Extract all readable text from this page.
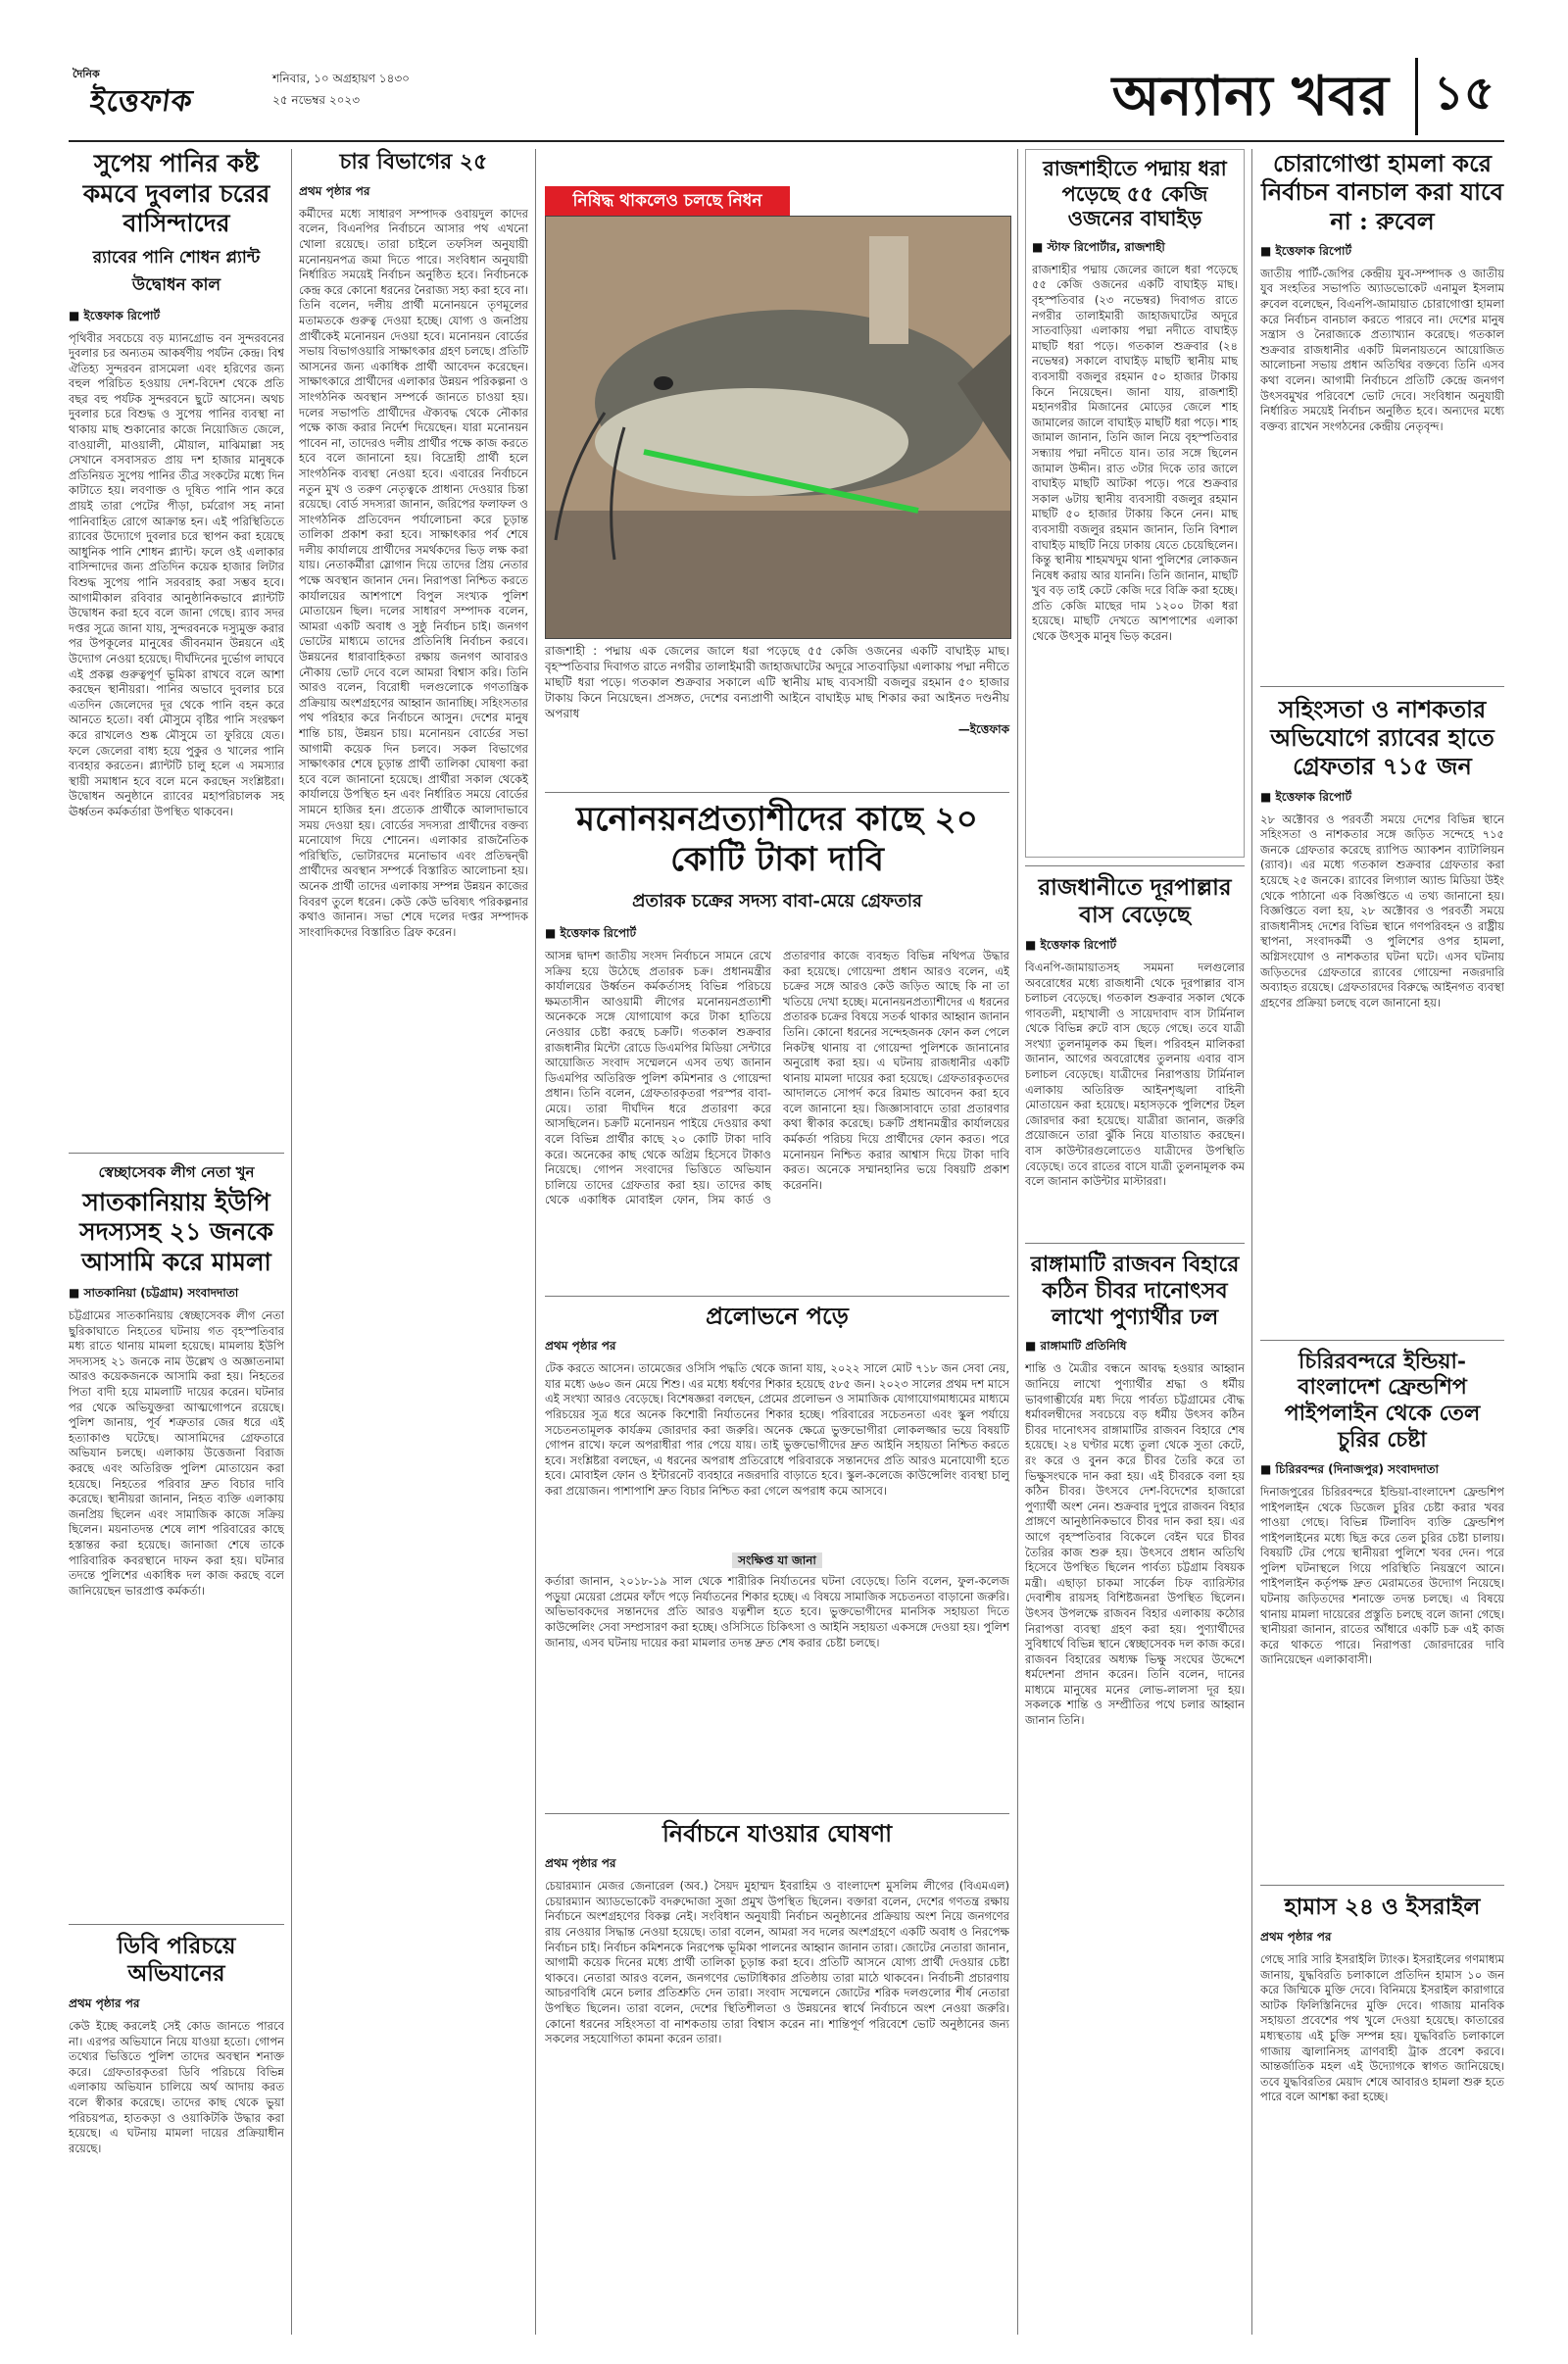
দৈনিক
ইত্তেফাক
শনিবার, ১০ অগ্রহায়ণ ১৪৩০
২৫ নভেম্বর ২০২৩	অন্যান্য খবর ১৫
সুপেয় পানির কষ্ট কমবে দুবলার চরের বাসিন্দাদের
র‍্যাবের পানি শোধন প্ল্যান্ট উদ্বোধন কাল
■ ইত্তেফাক রিপোর্ট

পৃথিবীর সবচেয়ে বড় ম্যানগ্রোভ বন সুন্দরবনের দুবলার চর অন্যতম আকর্ষণীয় পর্যটন কেন্দ্র। বিশ্ব ঐতিহ্য সুন্দরবন রাসমেলা এবং হরিণের জন্য বহুল পরিচিত হওয়ায় দেশ-বিদেশ থেকে প্রতি বছর বহু পর্যটক সুন্দরবনে ছুটে আসেন। অথচ দুবলার চরে বিশুদ্ধ ও সুপেয় পানির ব্যবস্থা না থাকায় মাছ শুকানোর কাজে নিয়োজিত জেলে, বাওয়ালী, মাওয়ালী, মৌয়াল, মাঝিমাল্লা সহ সেখানে বসবাসরত প্রায় দশ হাজার মানুষকে প্রতিনিয়ত সুপেয় পানির তীব্র সংকটের মধ্যে দিন কাটাতে হয়। লবণাক্ত ও দূষিত পানি পান করে প্রায়ই তারা পেটের পীড়া, চর্মরোগ সহ নানা পানিবাহিত রোগে আক্রান্ত হন। এই পরিস্থিতিতে র‍্যাবের উদ্যোগে দুবলার চরে স্থাপন করা হয়েছে আধুনিক পানি শোধন প্ল্যান্ট। ফলে ওই এলাকার বাসিন্দাদের জন্য প্রতিদিন কয়েক হাজার লিটার বিশুদ্ধ সুপেয় পানি সরবরাহ করা সম্ভব হবে। আগামীকাল রবিবার আনুষ্ঠানিকভাবে প্ল্যান্টটি উদ্বোধন করা হবে বলে জানা গেছে। র‍্যাব সদর দপ্তর সূত্রে জানা যায়, সুন্দরবনকে দস্যুমুক্ত করার পর উপকূলের মানুষের জীবনমান উন্নয়নে এই উদ্যোগ নেওয়া হয়েছে। দীর্ঘদিনের দুর্ভোগ লাঘবে এই প্রকল্প গুরুত্বপূর্ণ ভূমিকা রাখবে বলে আশা করছেন স্থানীয়রা। পানির অভাবে দুবলার চরে এতদিন জেলেদের দূর থেকে পানি বহন করে আনতে হতো। বর্ষা মৌসুমে বৃষ্টির পানি সংরক্ষণ করে রাখলেও শুষ্ক মৌসুমে তা ফুরিয়ে যেত। ফলে জেলেরা বাধ্য হয়ে পুকুর ও খালের পানি ব্যবহার করতেন। প্ল্যান্টটি চালু হলে এ সমস্যার স্থায়ী সমাধান হবে বলে মনে করছেন সংশ্লিষ্টরা। উদ্বোধন অনুষ্ঠানে র‍্যাবের মহাপরিচালক সহ ঊর্ধ্বতন কর্মকর্তারা উপস্থিত থাকবেন।

স্বেচ্ছাসেবক লীগ নেতা খুন
সাতকানিয়ায় ইউপি সদস্যসহ ২১ জনকে আসামি করে মামলা
■ সাতকানিয়া (চট্টগ্রাম) সংবাদদাতা

চট্টগ্রামের সাতকানিয়ায় স্বেচ্ছাসেবক লীগ নেতা ছুরিকাঘাতে নিহতের ঘটনায় গত বৃহস্পতিবার মধ্য রাতে থানায় মামলা হয়েছে। মামলায় ইউপি সদস্যসহ ২১ জনকে নাম উল্লেখ ও অজ্ঞাতনামা আরও কয়েকজনকে আসামি করা হয়। নিহতের পিতা বাদী হয়ে মামলাটি দায়ের করেন। ঘটনার পর থেকে অভিযুক্তরা আত্মগোপনে রয়েছে। পুলিশ জানায়, পূর্ব শত্রুতার জের ধরে এই হত্যাকাণ্ড ঘটেছে। আসামিদের গ্রেফতারে অভিযান চলছে। এলাকায় উত্তেজনা বিরাজ করছে এবং অতিরিক্ত পুলিশ মোতায়েন করা হয়েছে। নিহতের পরিবার দ্রুত বিচার দাবি করেছে। স্থানীয়রা জানান, নিহত ব্যক্তি এলাকায় জনপ্রিয় ছিলেন এবং সামাজিক কাজে সক্রিয় ছিলেন। ময়নাতদন্ত শেষে লাশ পরিবারের কাছে হস্তান্তর করা হয়েছে। জানাজা শেষে তাকে পারিবারিক কবরস্থানে দাফন করা হয়। ঘটনার তদন্তে পুলিশের একাধিক দল কাজ করছে বলে জানিয়েছেন ভারপ্রাপ্ত কর্মকর্তা।

ডিবি পরিচয়ে অভিযানের
প্রথম পৃষ্ঠার পর

কেউ ইচ্ছে করলেই সেই কোড জানতে পারবে না। এরপর অভিযানে নিয়ে যাওয়া হতো। গোপন তথ্যের ভিত্তিতে পুলিশ তাদের অবস্থান শনাক্ত করে। গ্রেফতারকৃতরা ডিবি পরিচয়ে বিভিন্ন এলাকায় অভিযান চালিয়ে অর্থ আদায় করত বলে স্বীকার করেছে। তাদের কাছ থেকে ভুয়া পরিচয়পত্র, হাতকড়া ও ওয়াকিটকি উদ্ধার করা হয়েছে। এ ঘটনায় মামলা দায়ের প্রক্রিয়াধীন রয়েছে।

চার বিভাগের ২৫
প্রথম পৃষ্ঠার পর

কর্মীদের মধ্যে সাধারণ সম্পাদক ওবায়দুল কাদের বলেন, বিএনপির নির্বাচনে আসার পথ এখনো খোলা রয়েছে। তারা চাইলে তফসিল অনুযায়ী মনোনয়নপত্র জমা দিতে পারে। সংবিধান অনুযায়ী নির্ধারিত সময়েই নির্বাচন অনুষ্ঠিত হবে। নির্বাচনকে কেন্দ্র করে কোনো ধরনের নৈরাজ্য সহ্য করা হবে না। তিনি বলেন, দলীয় প্রার্থী মনোনয়নে তৃণমূলের মতামতকে গুরুত্ব দেওয়া হচ্ছে। যোগ্য ও জনপ্রিয় প্রার্থীকেই মনোনয়ন দেওয়া হবে। মনোনয়ন বোর্ডের সভায় বিভাগওয়ারি সাক্ষাৎকার গ্রহণ চলছে। প্রতিটি আসনের জন্য একাধিক প্রার্থী আবেদন করেছেন। সাক্ষাৎকারে প্রার্থীদের এলাকার উন্নয়ন পরিকল্পনা ও সাংগঠনিক অবস্থান সম্পর্কে জানতে চাওয়া হয়। দলের সভাপতি প্রার্থীদের ঐক্যবদ্ধ থেকে নৌকার পক্ষে কাজ করার নির্দেশ দিয়েছেন। যারা মনোনয়ন পাবেন না, তাদেরও দলীয় প্রার্থীর পক্ষে কাজ করতে হবে বলে জানানো হয়। বিদ্রোহী প্রার্থী হলে সাংগঠনিক ব্যবস্থা নেওয়া হবে। এবারের নির্বাচনে নতুন মুখ ও তরুণ নেতৃত্বকে প্রাধান্য দেওয়ার চিন্তা রয়েছে। বোর্ড সদস্যরা জানান, জরিপের ফলাফল ও সাংগঠনিক প্রতিবেদন পর্যালোচনা করে চূড়ান্ত তালিকা প্রকাশ করা হবে। সাক্ষাৎকার পর্ব শেষে দলীয় কার্যালয়ে প্রার্থীদের সমর্থকদের ভিড় লক্ষ করা যায়। নেতাকর্মীরা স্লোগান দিয়ে তাদের প্রিয় নেতার পক্ষে অবস্থান জানান দেন। নিরাপত্তা নিশ্চিত করতে কার্যালয়ের আশপাশে বিপুল সংখ্যক পুলিশ মোতায়েন ছিল। দলের সাধারণ সম্পাদক বলেন, আমরা একটি অবাধ ও সুষ্ঠু নির্বাচন চাই। জনগণ ভোটের মাধ্যমে তাদের প্রতিনিধি নির্বাচন করবে। উন্নয়নের ধারাবাহিকতা রক্ষায় জনগণ আবারও নৌকায় ভোট দেবে বলে আমরা বিশ্বাস করি। তিনি আরও বলেন, বিরোধী দলগুলোকে গণতান্ত্রিক প্রক্রিয়ায় অংশগ্রহণের আহ্বান জানাচ্ছি। সহিংসতার পথ পরিহার করে নির্বাচনে আসুন। দেশের মানুষ শান্তি চায়, উন্নয়ন চায়। মনোনয়ন বোর্ডের সভা আগামী কয়েক দিন চলবে। সকল বিভাগের সাক্ষাৎকার শেষে চূড়ান্ত প্রার্থী তালিকা ঘোষণা করা হবে বলে জানানো হয়েছে। প্রার্থীরা সকাল থেকেই কার্যালয়ে উপস্থিত হন এবং নির্ধারিত সময়ে বোর্ডের সামনে হাজির হন। প্রত্যেক প্রার্থীকে আলাদাভাবে সময় দেওয়া হয়। বোর্ডের সদস্যরা প্রার্থীদের বক্তব্য মনোযোগ দিয়ে শোনেন। এলাকার রাজনৈতিক পরিস্থিতি, ভোটারদের মনোভাব এবং প্রতিদ্বন্দ্বী প্রার্থীদের অবস্থান সম্পর্কে বিস্তারিত আলোচনা হয়। অনেক প্রার্থী তাদের এলাকায় সম্পন্ন উন্নয়ন কাজের বিবরণ তুলে ধরেন। কেউ কেউ ভবিষ্যৎ পরিকল্পনার কথাও জানান। সভা শেষে দলের দপ্তর সম্পাদক সাংবাদিকদের বিস্তারিত ব্রিফ করেন।

নিষিদ্ধ থাকলেও চলছে নিধন

রাজশাহী : পদ্মায় এক জেলের জালে ধরা পড়েছে ৫৫ কেজি ওজনের একটি বাঘাইড় মাছ। বৃহস্পতিবার দিবাগত রাতে নগরীর তালাইমারী জাহাজঘাটের অদূরে সাতবাড়িয়া এলাকায় পদ্মা নদীতে মাছটি ধরা পড়ে। গতকাল শুক্রবার সকালে এটি স্থানীয় মাছ ব্যবসায়ী বজলুর রহমান ৫০ হাজার টাকায় কিনে নিয়েছেন। প্রসঙ্গত, দেশের বন্যপ্রাণী আইনে বাঘাইড় মাছ শিকার করা আইনত দণ্ডনীয় অপরাধ

—ইত্তেফাক
মনোনয়নপ্রত্যাশীদের কাছে ২০ কোটি টাকা দাবি
প্রতারক চক্রের সদস্য বাবা-মেয়ে গ্রেফতার
■ ইত্তেফাক রিপোর্ট

আসন্ন দ্বাদশ জাতীয় সংসদ নির্বাচনে সামনে রেখে সক্রিয় হয়ে উঠেছে প্রতারক চক্র। প্রধানমন্ত্রীর কার্যালয়ের উর্ধ্বতন কর্মকর্তাসহ বিভিন্ন পরিচয়ে ক্ষমতাসীন আওয়ামী লীগের মনোনয়নপ্রত্যাশী অনেককে সঙ্গে যোগাযোগ করে টাকা হাতিয়ে নেওয়ার চেষ্টা করছে চক্রটি। গতকাল শুক্রবার রাজধানীর মিন্টো রোডে ডিএমপির মিডিয়া সেন্টারে আয়োজিত সংবাদ সম্মেলনে এসব তথ্য জানান ডিএমপির অতিরিক্ত পুলিশ কমিশনার ও গোয়েন্দা প্রধান। তিনি বলেন, গ্রেফতারকৃতরা পরস্পর বাবা-মেয়ে। তারা দীর্ঘদিন ধরে প্রতারণা করে আসছিলেন। চক্রটি মনোনয়ন পাইয়ে দেওয়ার কথা বলে বিভিন্ন প্রার্থীর কাছে ২০ কোটি টাকা দাবি করে। অনেকের কাছ থেকে অগ্রিম হিসেবে টাকাও নিয়েছে। গোপন সংবাদের ভিত্তিতে অভিযান চালিয়ে তাদের গ্রেফতার করা হয়। তাদের কাছ থেকে একাধিক মোবাইল ফোন, সিম কার্ড ও প্রতারণার কাজে ব্যবহৃত বিভিন্ন নথিপত্র উদ্ধার করা হয়েছে। গোয়েন্দা প্রধান আরও বলেন, এই চক্রের সঙ্গে আরও কেউ জড়িত আছে কি না তা খতিয়ে দেখা হচ্ছে। মনোনয়নপ্রত্যাশীদের এ ধরনের প্রতারক চক্রের বিষয়ে সতর্ক থাকার আহ্বান জানান তিনি। কোনো ধরনের সন্দেহজনক ফোন কল পেলে নিকটস্থ থানায় বা গোয়েন্দা পুলিশকে জানানোর অনুরোধ করা হয়। এ ঘটনায় রাজধানীর একটি থানায় মামলা দায়ের করা হয়েছে। গ্রেফতারকৃতদের আদালতে সোপর্দ করে রিমান্ড আবেদন করা হবে বলে জানানো হয়। জিজ্ঞাসাবাদে তারা প্রতারণার কথা স্বীকার করেছে। চক্রটি প্রধানমন্ত্রীর কার্যালয়ের কর্মকর্তা পরিচয় দিয়ে প্রার্থীদের ফোন করত। পরে মনোনয়ন নিশ্চিত করার আশ্বাস দিয়ে টাকা দাবি করত। অনেকে সম্মানহানির ভয়ে বিষয়টি প্রকাশ করেননি।

প্রলোভনে পড়ে
প্রথম পৃষ্ঠার পর

টেক করতে আসেন। তামেজের ওসিসি পদ্ধতি থেকে জানা যায়, ২০২২ সালে মোট ৭১৮ জন সেবা নেয়, যার মধ্যে ৬৬০ জন মেয়ে শিশু। এর মধ্যে ধর্ষণের শিকার হয়েছে ৫৮৫ জন। ২০২৩ সালের প্রথম দশ মাসে এই সংখ্যা আরও বেড়েছে। বিশেষজ্ঞরা বলছেন, প্রেমের প্রলোভন ও সামাজিক যোগাযোগমাধ্যমের মাধ্যমে পরিচয়ের সূত্র ধরে অনেক কিশোরী নির্যাতনের শিকার হচ্ছে। পরিবারের সচেতনতা এবং স্কুল পর্যায়ে সচেতনতামূলক কার্যক্রম জোরদার করা জরুরি। অনেক ক্ষেত্রে ভুক্তভোগীরা লোকলজ্জার ভয়ে বিষয়টি গোপন রাখে। ফলে অপরাধীরা পার পেয়ে যায়। তাই ভুক্তভোগীদের দ্রুত আইনি সহায়তা নিশ্চিত করতে হবে। সংশ্লিষ্টরা বলছেন, এ ধরনের অপরাধ প্রতিরোধে পরিবারকে সন্তানদের প্রতি আরও মনোযোগী হতে হবে। মোবাইল ফোন ও ইন্টারনেট ব্যবহারে নজরদারি বাড়াতে হবে। স্কুল-কলেজে কাউন্সেলিং ব্যবস্থা চালু করা প্রয়োজন। পাশাপাশি দ্রুত বিচার নিশ্চিত করা গেলে অপরাধ কমে আসবে।

সংক্ষিপ্ত যা জানা

কর্তারা জানান, ২০১৮-১৯ সাল থেকে শারীরিক নির্যাতনের ঘটনা বেড়েছে। তিনি বলেন, ফুল-কলেজ পড়ুয়া মেয়েরা প্রেমের ফাঁদে পড়ে নির্যাতনের শিকার হচ্ছে। এ বিষয়ে সামাজিক সচেতনতা বাড়ানো জরুরি। অভিভাবকদের সন্তানদের প্রতি আরও যত্নশীল হতে হবে। ভুক্তভোগীদের মানসিক সহায়তা দিতে কাউন্সেলিং সেবা সম্প্রসারণ করা হচ্ছে। ওসিসিতে চিকিৎসা ও আইনি সহায়তা একসঙ্গে দেওয়া হয়। পুলিশ জানায়, এসব ঘটনায় দায়ের করা মামলার তদন্ত দ্রুত শেষ করার চেষ্টা চলছে।

নির্বাচনে যাওয়ার ঘোষণা
প্রথম পৃষ্ঠার পর

চেয়ারম্যান মেজর জেনারেল (অব.) সৈয়দ মুহাম্মদ ইবরাহিম ও বাংলাদেশ মুসলিম লীগের (বিএমএল) চেয়ারম্যান অ্যাডভোকেট বদরুদ্দোজা সুজা প্রমুখ উপস্থিত ছিলেন। বক্তারা বলেন, দেশের গণতন্ত্র রক্ষায় নির্বাচনে অংশগ্রহণের বিকল্প নেই। সংবিধান অনুযায়ী নির্বাচন অনুষ্ঠানের প্রক্রিয়ায় অংশ নিয়ে জনগণের রায় নেওয়ার সিদ্ধান্ত নেওয়া হয়েছে। তারা বলেন, আমরা সব দলের অংশগ্রহণে একটি অবাধ ও নিরপেক্ষ নির্বাচন চাই। নির্বাচন কমিশনকে নিরপেক্ষ ভূমিকা পালনের আহ্বান জানান তারা। জোটের নেতারা জানান, আগামী কয়েক দিনের মধ্যে প্রার্থী তালিকা চূড়ান্ত করা হবে। প্রতিটি আসনে যোগ্য প্রার্থী দেওয়ার চেষ্টা থাকবে। নেতারা আরও বলেন, জনগণের ভোটাধিকার প্রতিষ্ঠায় তারা মাঠে থাকবেন। নির্বাচনী প্রচারণায় আচরণবিধি মেনে চলার প্রতিশ্রুতি দেন তারা। সংবাদ সম্মেলনে জোটের শরিক দলগুলোর শীর্ষ নেতারা উপস্থিত ছিলেন। তারা বলেন, দেশের স্থিতিশীলতা ও উন্নয়নের স্বার্থে নির্বাচনে অংশ নেওয়া জরুরি। কোনো ধরনের সহিংসতা বা নাশকতায় তারা বিশ্বাস করেন না। শান্তিপূর্ণ পরিবেশে ভোট অনুষ্ঠানের জন্য সকলের সহযোগিতা কামনা করেন তারা।

রাজশাহীতে পদ্মায় ধরা পড়েছে ৫৫ কেজি ওজনের বাঘাইড়
■ স্টাফ রিপোর্টার, রাজশাহী

রাজশাহীর পদ্মায় জেলের জালে ধরা পড়েছে ৫৫ কেজি ওজনের একটি বাঘাইড় মাছ। বৃহস্পতিবার (২৩ নভেম্বর) দিবাগত রাতে নগরীর তালাইমারী জাহাজঘাটের অদূরে সাতবাড়িয়া এলাকায় পদ্মা নদীতে বাঘাইড় মাছটি ধরা পড়ে। গতকাল শুক্রবার (২৪ নভেম্বর) সকালে বাঘাইড় মাছটি স্থানীয় মাছ ব্যবসায়ী বজলুর রহমান ৫০ হাজার টাকায় কিনে নিয়েছেন। জানা যায়, রাজশাহী মহানগরীর মিজানের মোড়ের জেলে শাহ জামালের জালে বাঘাইড় মাছটি ধরা পড়ে। শাহ জামাল জানান, তিনি জাল নিয়ে বৃহস্পতিবার সন্ধ্যায় পদ্মা নদীতে যান। তার সঙ্গে ছিলেন জামাল উদ্দীন। রাত ৩টার দিকে তার জালে বাঘাইড় মাছটি আটকা পড়ে। পরে শুক্রবার সকাল ৬টায় স্থানীয় ব্যবসায়ী বজলুর রহমান মাছটি ৫০ হাজার টাকায় কিনে নেন। মাছ ব্যবসায়ী বজলুর রহমান জানান, তিনি বিশাল বাঘাইড় মাছটি নিয়ে ঢাকায় যেতে চেয়েছিলেন। কিন্তু স্থানীয় শাহমখদুম থানা পুলিশের লোকজন নিষেধ করায় আর যাননি। তিনি জানান, মাছটি খুব বড় তাই কেটে কেজি দরে বিক্রি করা হচ্ছে। প্রতি কেজি মাছের দাম ১২০০ টাকা ধরা হয়েছে। মাছটি দেখতে আশপাশের এলাকা থেকে উৎসুক মানুষ ভিড় করেন।

রাজধানীতে দূরপাল্লার বাস বেড়েছে
■ ইত্তেফাক রিপোর্ট

বিএনপি-জামায়াতসহ সমমনা দলগুলোর অবরোধের মধ্যে রাজধানী থেকে দূরপাল্লার বাস চলাচল বেড়েছে। গতকাল শুক্রবার সকাল থেকে গাবতলী, মহাখালী ও সায়েদাবাদ বাস টার্মিনাল থেকে বিভিন্ন রুটে বাস ছেড়ে গেছে। তবে যাত্রী সংখ্যা তুলনামূলক কম ছিল। পরিবহন মালিকরা জানান, আগের অবরোধের তুলনায় এবার বাস চলাচল বেড়েছে। যাত্রীদের নিরাপত্তায় টার্মিনাল এলাকায় অতিরিক্ত আইনশৃঙ্খলা বাহিনী মোতায়েন করা হয়েছে। মহাসড়কে পুলিশের টহল জোরদার করা হয়েছে। যাত্রীরা জানান, জরুরি প্রয়োজনে তারা ঝুঁকি নিয়ে যাতায়াত করছেন। বাস কাউন্টারগুলোতেও যাত্রীদের উপস্থিতি বেড়েছে। তবে রাতের বাসে যাত্রী তুলনামূলক কম বলে জানান কাউন্টার মাস্টাররা।

রাঙ্গামাটি রাজবন বিহারে কঠিন চীবর দানোৎসব লাখো পুণ্যার্থীর ঢল
■ রাঙ্গামাটি প্রতিনিধি

শান্তি ও মৈত্রীর বন্ধনে আবদ্ধ হওয়ার আহ্বান জানিয়ে লাখো পুণ্যার্থীর শ্রদ্ধা ও ধর্মীয় ভাবগাম্ভীর্যের মধ্য দিয়ে পার্বত্য চট্টগ্রামের বৌদ্ধ ধর্মাবলম্বীদের সবচেয়ে বড় ধর্মীয় উৎসব কঠিন চীবর দানোৎসব রাঙ্গামাটির রাজবন বিহারে শেষ হয়েছে। ২৪ ঘণ্টার মধ্যে তুলা থেকে সুতা কেটে, রং করে ও বুনন করে চীবর তৈরি করে তা ভিক্ষুসংঘকে দান করা হয়। এই চীবরকে বলা হয় কঠিন চীবর। উৎসবে দেশ-বিদেশের হাজারো পুণ্যার্থী অংশ নেন। শুক্রবার দুপুরে রাজবন বিহার প্রাঙ্গণে আনুষ্ঠানিকভাবে চীবর দান করা হয়। এর আগে বৃহস্পতিবার বিকেলে বেইন ঘরে চীবর তৈরির কাজ শুরু হয়। উৎসবে প্রধান অতিথি হিসেবে উপস্থিত ছিলেন পার্বত্য চট্টগ্রাম বিষয়ক মন্ত্রী। এছাড়া চাকমা সার্কেল চিফ ব্যারিস্টার দেবাশীষ রায়সহ বিশিষ্টজনরা উপস্থিত ছিলেন। উৎসব উপলক্ষে রাজবন বিহার এলাকায় কঠোর নিরাপত্তা ব্যবস্থা গ্রহণ করা হয়। পুণ্যার্থীদের সুবিধার্থে বিভিন্ন স্থানে স্বেচ্ছাসেবক দল কাজ করে। রাজবন বিহারের অধ্যক্ষ ভিক্ষু সংঘের উদ্দেশে ধর্মদেশনা প্রদান করেন। তিনি বলেন, দানের মাধ্যমে মানুষের মনের লোভ-লালসা দূর হয়। সকলকে শান্তি ও সম্প্রীতির পথে চলার আহ্বান জানান তিনি।

চোরাগোপ্তা হামলা করে নির্বাচন বানচাল করা যাবে না : রুবেল
■ ইত্তেফাক রিপোর্ট

জাতীয় পার্টি-জেপির কেন্দ্রীয় যুব-সম্পাদক ও জাতীয় যুব সংহতির সভাপতি অ্যাডভোকেট এনামুল ইসলাম রুবেল বলেছেন, বিএনপি-জামায়াত চোরাগোপ্তা হামলা করে নির্বাচন বানচাল করতে পারবে না। দেশের মানুষ সন্ত্রাস ও নৈরাজ্যকে প্রত্যাখ্যান করেছে। গতকাল শুক্রবার রাজধানীর একটি মিলনায়তনে আয়োজিত আলোচনা সভায় প্রধান অতিথির বক্তব্যে তিনি এসব কথা বলেন। আগামী নির্বাচনে প্রতিটি কেন্দ্রে জনগণ উৎসবমুখর পরিবেশে ভোট দেবে। সংবিধান অনুযায়ী নির্ধারিত সময়েই নির্বাচন অনুষ্ঠিত হবে। অন্যদের মধ্যে বক্তব্য রাখেন সংগঠনের কেন্দ্রীয় নেতৃবৃন্দ।

সহিংসতা ও নাশকতার অভিযোগে র‍্যাবের হাতে গ্রেফতার ৭১৫ জন
■ ইত্তেফাক রিপোর্ট

২৮ অক্টোবর ও পরবর্তী সময়ে দেশের বিভিন্ন স্থানে সহিংসতা ও নাশকতার সঙ্গে জড়িত সন্দেহে ৭১৫ জনকে গ্রেফতার করেছে র‍্যাপিড অ্যাকশন ব্যাটালিয়ন (র‍্যাব)। এর মধ্যে গতকাল শুক্রবার গ্রেফতার করা হয়েছে ২৫ জনকে। র‍্যাবের লিগ্যাল অ্যান্ড মিডিয়া উইং থেকে পাঠানো এক বিজ্ঞপ্তিতে এ তথ্য জানানো হয়। বিজ্ঞপ্তিতে বলা হয়, ২৮ অক্টোবর ও পরবর্তী সময়ে রাজধানীসহ দেশের বিভিন্ন স্থানে গণপরিবহন ও রাষ্ট্রীয় স্থাপনা, সংবাদকর্মী ও পুলিশের ওপর হামলা, অগ্নিসংযোগ ও নাশকতার ঘটনা ঘটে। এসব ঘটনায় জড়িতদের গ্রেফতারে র‍্যাবের গোয়েন্দা নজরদারি অব্যাহত রয়েছে। গ্রেফতারদের বিরুদ্ধে আইনগত ব্যবস্থা গ্রহণের প্রক্রিয়া চলছে বলে জানানো হয়।

চিরিরবন্দরে ইন্ডিয়া-বাংলাদেশ ফ্রেন্ডশিপ পাইপলাইন থেকে তেল চুরির চেষ্টা
■ চিরিরবন্দর (দিনাজপুর) সংবাদদাতা

দিনাজপুরের চিরিরবন্দরে ইন্ডিয়া-বাংলাদেশ ফ্রেন্ডশিপ পাইপলাইন থেকে ডিজেল চুরির চেষ্টা করার খবর পাওয়া গেছে। বিভিন্ন টিলাবিদ ব্যক্তি ফ্রেন্ডশিপ পাইপলাইনের মধ্যে ছিদ্র করে তেল চুরির চেষ্টা চালায়। বিষয়টি টের পেয়ে স্থানীয়রা পুলিশে খবর দেন। পরে পুলিশ ঘটনাস্থলে গিয়ে পরিস্থিতি নিয়ন্ত্রণে আনে। পাইপলাইন কর্তৃপক্ষ দ্রুত মেরামতের উদ্যোগ নিয়েছে। ঘটনায় জড়িতদের শনাক্তে তদন্ত চলছে। এ বিষয়ে থানায় মামলা দায়েরের প্রস্তুতি চলছে বলে জানা গেছে। স্থানীয়রা জানান, রাতের আঁধারে একটি চক্র এই কাজ করে থাকতে পারে। নিরাপত্তা জোরদারের দাবি জানিয়েছেন এলাকাবাসী।

হামাস ২৪ ও ইসরাইল
প্রথম পৃষ্ঠার পর

গেছে সারি সারি ইসরাইলি ট্যাংক। ইসরাইলের গণমাধ্যম জানায়, যুদ্ধবিরতি চলাকালে প্রতিদিন হামাস ১০ জন করে জিম্মিকে মুক্তি দেবে। বিনিময়ে ইসরাইল কারাগারে আটক ফিলিস্তিনিদের মুক্তি দেবে। গাজায় মানবিক সহায়তা প্রবেশের পথ খুলে দেওয়া হয়েছে। কাতারের মধ্যস্থতায় এই চুক্তি সম্পন্ন হয়। যুদ্ধবিরতি চলাকালে গাজায় জ্বালানিসহ ত্রাণবাহী ট্রাক প্রবেশ করবে। আন্তর্জাতিক মহল এই উদ্যোগকে স্বাগত জানিয়েছে। তবে যুদ্ধবিরতির মেয়াদ শেষে আবারও হামলা শুরু হতে পারে বলে আশঙ্কা করা হচ্ছে।
